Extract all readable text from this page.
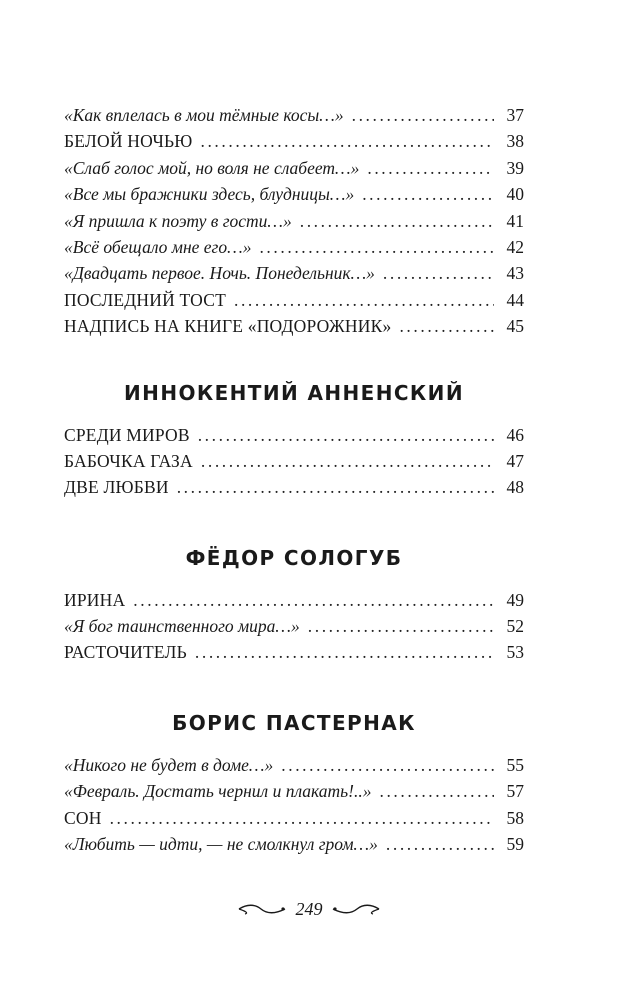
«Как вплелась в мои тёмные косы…» .....	37
БЕЛОЙ НОЧЬЮ .....	38
«Слаб голос мой, но воля не слабеет…» .....	39
«Все мы бражники здесь, блудницы…» .....	40
«Я пришла к поэту в гости…» .....	41
«Всё обещало мне его…» .....	42
«Двадцать первое. Ночь. Понедельник…» .....	43
ПОСЛЕДНИЙ ТОСТ .....	44
НАДПИСЬ НА КНИГЕ «ПОДОРОЖНИК» .....	45
ИННОКЕНТИЙ АННЕНСКИЙ
СРЕДИ МИРОВ .....	46
БАБОЧКА ГАЗА .....	47
ДВЕ ЛЮБВИ .....	48
ФЁДОР СОЛОГУБ
ИРИНА .....	49
«Я бог таинственного мира…» .....	52
РАСТОЧИТЕЛЬ .....	53
БОРИС ПАСТЕРНАК
«Никого не будет в доме…» .....	55
«Февраль. Достать чернил и плакать!..» .....	57
СОН .....	58
«Любить — идти, — не смолкнул гром…» .....	59
249
